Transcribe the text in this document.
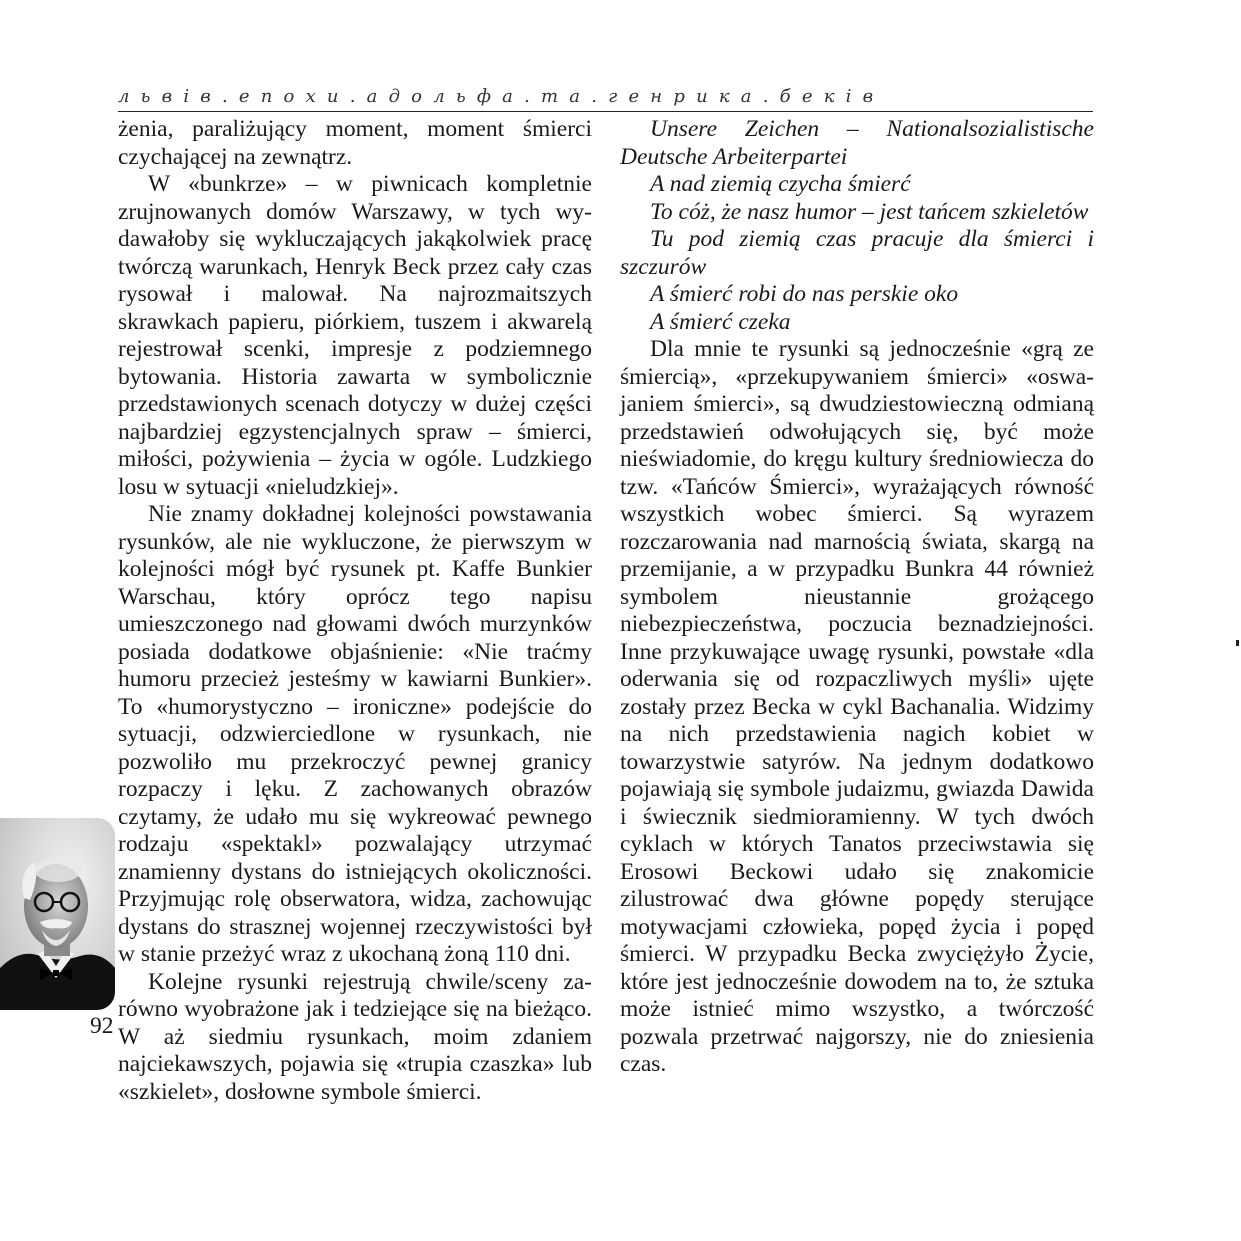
львів.епохи.адольфа.та.генрика.беків

żenia, paraliżujący moment, moment śmierci czychającej na zewnątrz.

W «bunkrze» – w piwnicach kompletnie zrujnowanych domów Warszawy, w tych wydawałoby się wykluczających jakąkolwiek pracę twórczą warunkach, Henryk Beck przez cały czas rysował i malował. Na najrozmaitszych skrawkach papieru, piórkiem, tuszem i akwarelą rejestrował scenki, impresje z podziemnego bytowania. Historia zawarta w symbolicznie przedstawionych scenach dotyczy w dużej części najbardziej egzystencjalnych spraw – śmierci, miłości, pożywienia – życia w ogóle. Ludzkiego losu w sytuacji «nieludzkiej».

Nie znamy dokładnej kolejności powstawania rysunków, ale nie wykluczone, że pierwszym w kolejności mógł być rysunek pt. Kaffe Bunkier Warschau, który oprócz tego napisu umieszczonego nad głowami dwóch murzynków posiada dodatkowe objaśnienie: «Nie traćmy humoru przecież jesteśmy w kawiarni Bunkier». To «humorystyczno – ironiczne» podejście do sytuacji, odzwierciedlone w rysunkach, nie pozwoliło mu przekroczyć pewnej granicy rozpaczy i lęku. Z zachowanych obrazów czytamy, że udało mu się wykreować pewnego rodzaju «spektakl» pozwalający utrzymać znamienny dystans do istniejących okoliczności. Przyjmując rolę obserwatora, widza, zachowując dystans do strasznej wojennej rzeczywistości był w stanie przeżyć wraz z ukochaną żoną 110 dni.

Kolejne rysunki rejestrują chwile/sceny zarówno wyobrażone jak i tedziejące się na bieżąco. W aż siedmiu rysunkach, moim zdaniem najciekawszych, pojawia się «trupia czaszka» lub «szkielet», dosłowne symbole śmierci.

Unsere Zeichen – Nationalsozialistische Deutsche Arbeiterpartei

A nad ziemią czycha śmierć

To cóż, że nasz humor – jest tańcem szkieletów

Tu pod ziemią czas pracuje dla śmierci i szczurów

A śmierć robi do nas perskie oko

A śmierć czeka

Dla mnie te rysunki są jednocześnie «grą ze śmiercią», «przekupywaniem śmierci» «oswajaniem śmierci», są dwudziestowieczną odmianą przedstawień odwołujących się, być może nieświadomie, do kręgu kultury średniowiecza do tzw. «Tańców Śmierci», wyrażających równość wszystkich wobec śmierci. Są wyrazem rozczarowania nad marnością świata, skargą na przemijanie, a w przypadku Bunkra 44 również symbolem nieustannie grożącego niebezpieczeństwa, poczucia beznadziejności. Inne przykuwające uwagę rysunki, powstałe «dla oderwania się od rozpaczliwych myśli» ujęte zostały przez Becka w cykl Bachanalia. Widzimy na nich przedstawienia nagich kobiet w towarzystwie satyrów. Na jednym dodatkowo pojawiają się symbole judaizmu, gwiazda Dawida i świecznik siedmioramienny. W tych dwóch cyklach w których Tanatos przeciwstawia się Erosowi Beckowi udało się znakomicie zilustrować dwa główne popędy sterujące motywacjami człowieka, popęd życia i popęd śmierci. W przypadku Becka zwyciężyło Życie, które jest jednocześnie dowodem na to, że sztuka może istnieć mimo wszystko, a twórczość pozwala przetrwać najgorszy, nie do zniesienia czas.

92
